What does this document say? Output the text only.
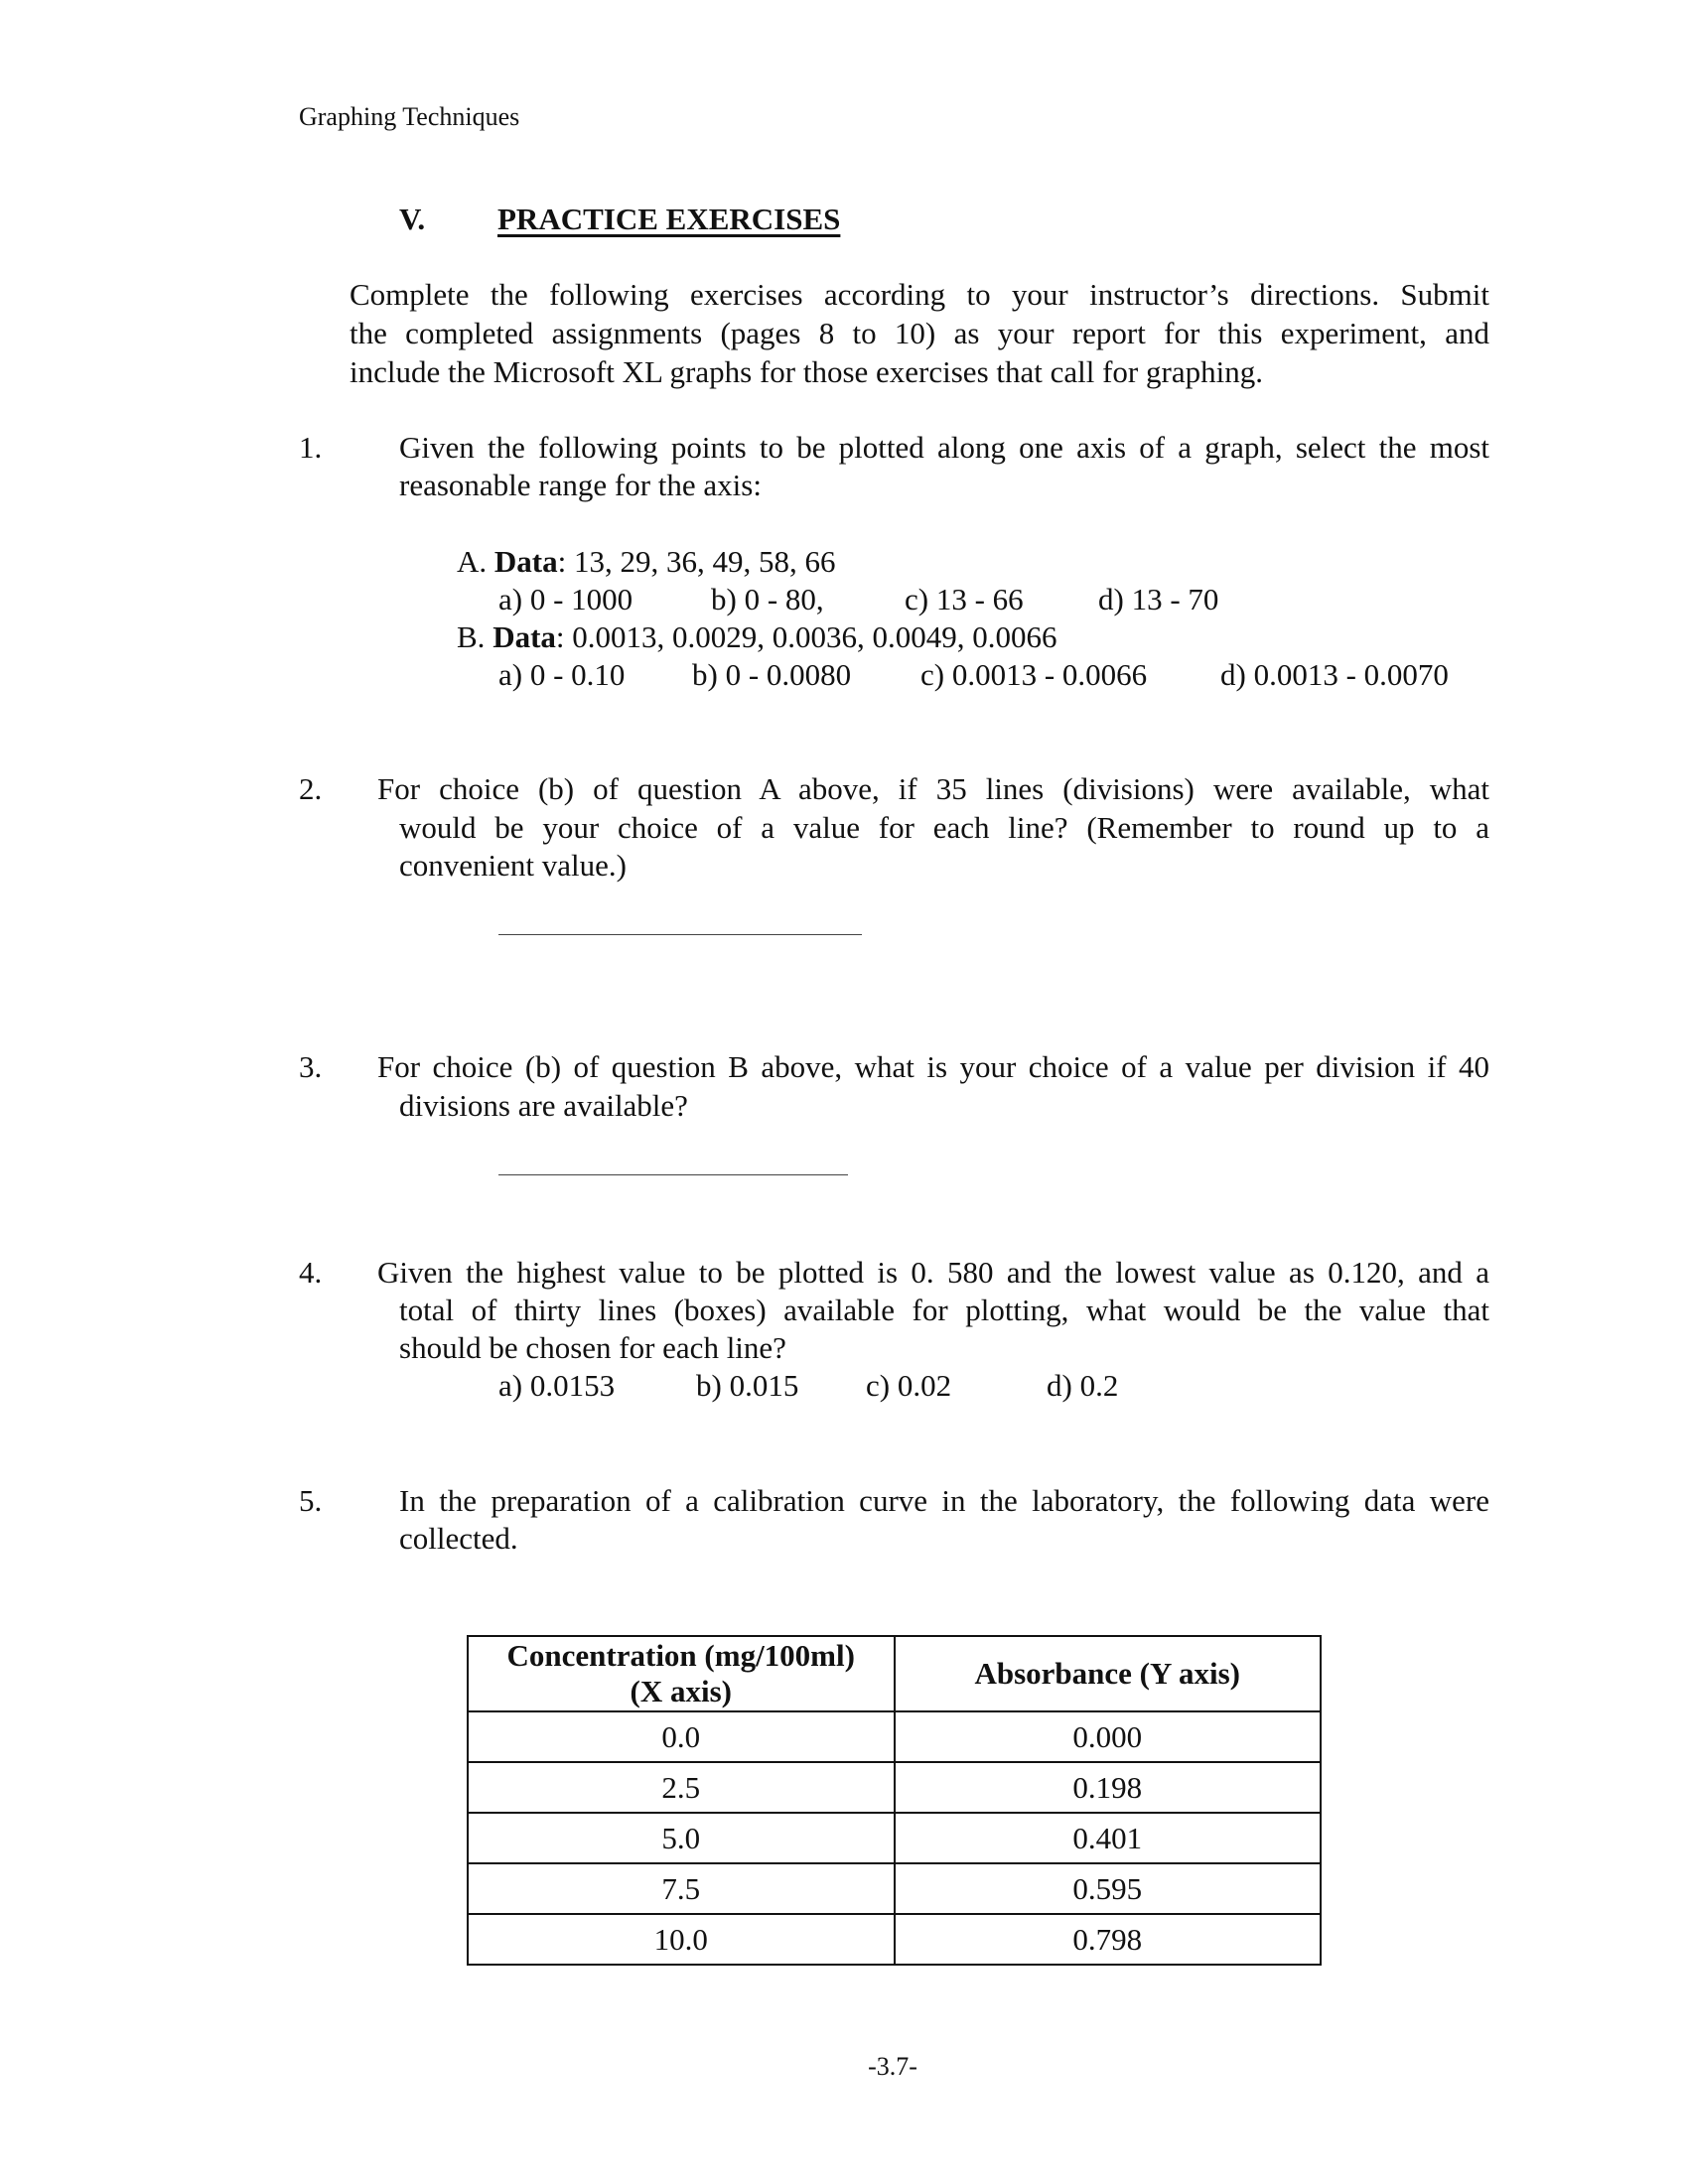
Graphing Techniques
V. PRACTICE EXERCISES
Complete the following exercises according to your instructor’s directions. Submit
the completed assignments (pages 8 to 10) as your report for this experiment, and
include the Microsoft XL graphs for those exercises that call for graphing.
1.	Given the following points to be plotted along one axis of a graph, select the most
reasonable range for the axis:
A. Data: 13, 29, 36, 49, 58, 66
a) 0 - 1000	b) 0 - 80,	c) 13 - 66 d) 13 - 70
B. Data: 0.0013, 0.0029, 0.0036, 0.0049, 0.0066
a) 0 - 0.10 b) 0 - 0.0080 c) 0.0013 - 0.0066 d) 0.0013 - 0.0070
2. For choice (b) of question A above, if 35 lines (divisions) were available, what
would be your choice of a value for each line? (Remember to round up to a
convenient value.)
3. For choice (b) of question B above, what is your choice of a value per division if 40
divisions are available?
4. Given the highest value to be plotted is 0. 580 and the lowest value as 0.120, and a
total of thirty lines (boxes) available for plotting, what would be the value that
should be chosen for each line?
a) 0.0153	b) 0.015 c) 0.02	d) 0.2
5.	In the preparation of a calibration curve in the laboratory, the following data were
collected.
Concentration (mg/100ml)
(X axis)	Absorbance (Y axis)
0.0	0.000
2.5	0.198
5.0	0.401
7.5	0.595
10.0	0.798
-3.7-
